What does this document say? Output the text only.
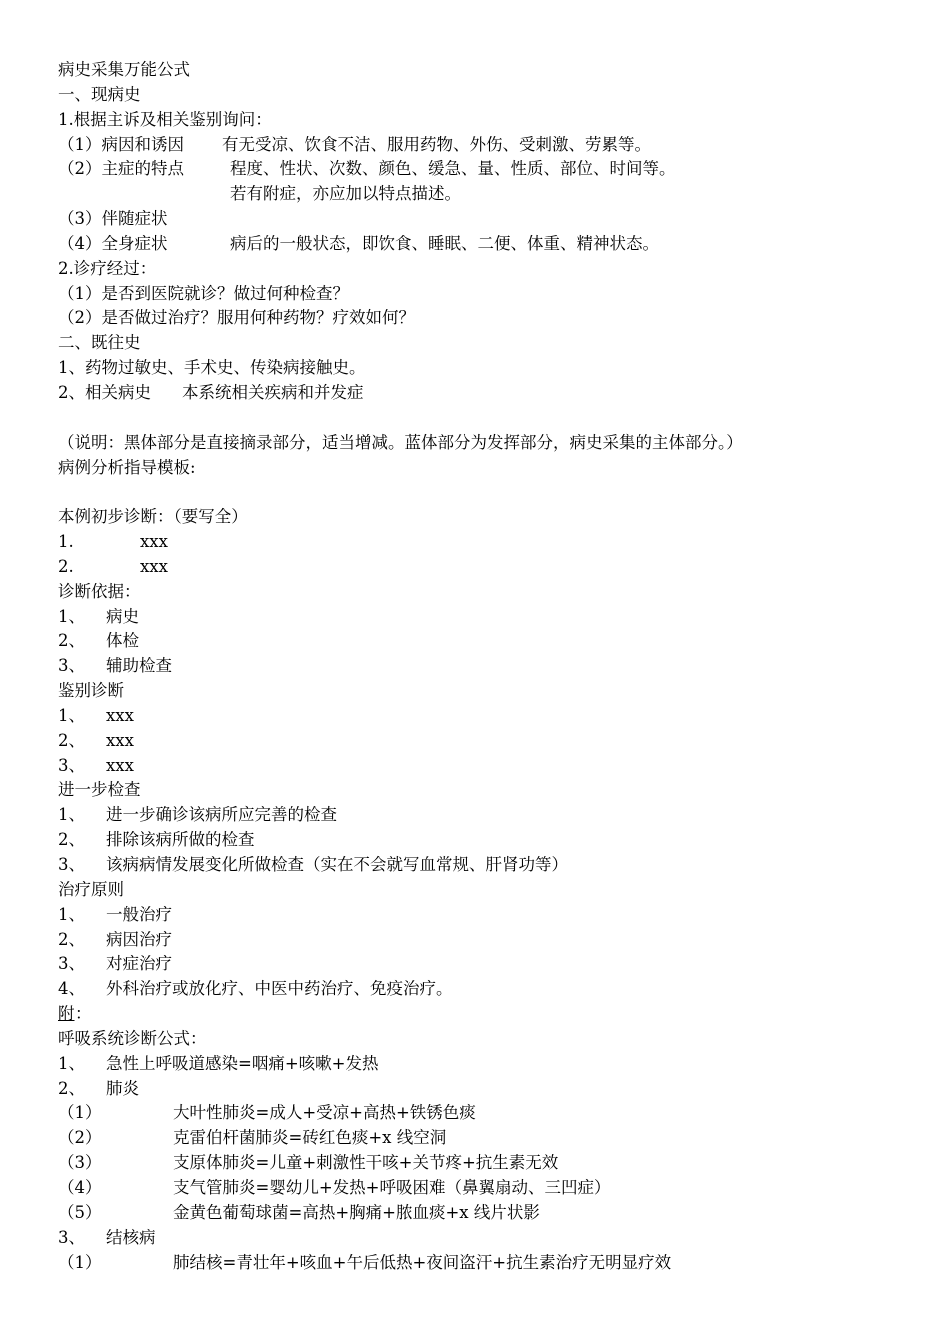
病史采集万能公式
一、现病史
1.根据主诉及相关鉴别询问：
（1）病因和诱因 有无受凉、饮食不洁、服用药物、外伤、受刺激、劳累等。
（2）主症的特点	程度、性状、次数、颜色、缓急、量、性质、部位、时间等。
若有附症，亦应加以特点描述。
（3）伴随症状
（4）全身症状	病后的一般状态，即饮食、睡眠、二便、体重、精神状态。
2.诊疗经过：
（1）是否到医院就诊？做过何种检查？
（2）是否做过治疗？服用何种药物？疗效如何？
二、既往史
1、药物过敏史、手术史、传染病接触史。
2、相关病史 本系统相关疾病和并发症
（说明：黑体部分是直接摘录部分，适当增减。蓝体部分为发挥部分，病史采集的主体部分。）
病例分析指导模板:
本例初步诊断：（要写全）
1.	xxx
2.	xxx
诊断依据：
1、 病史
2、 体检
3、 辅助检查
鉴别诊断
1、 xxx
2、 xxx
3、 xxx
进一步检查
1、 进一步确诊该病所应完善的检查
2、 排除该病所做的检查
3、 该病病情发展变化所做检查（实在不会就写血常规、肝肾功等）
治疗原则
1、 一般治疗
2、 病因治疗
3、 对症治疗
4、 外科治疗或放化疗、中医中药治疗、免疫治疗。
附 ：
呼吸系统诊断公式：
1、 急性上呼吸道感染=咽痛+咳嗽+发热
2、 肺炎
（1）	大叶性肺炎=成人+受凉+高热+铁锈色痰
（2）	克雷伯杆菌肺炎=砖红色痰+x 线空洞
（3）	支原体肺炎=儿童+刺激性干咳+关节疼+抗生素无效
（4）	支气管肺炎=婴幼儿+发热+呼吸困难（鼻翼扇动、三凹症）
（5）	金黄色葡萄球菌=高热+胸痛+脓血痰+x 线片状影
3、 结核病
（1）	肺结核=青壮年+咳血+午后低热+夜间盗汗+抗生素治疗无明显疗效
